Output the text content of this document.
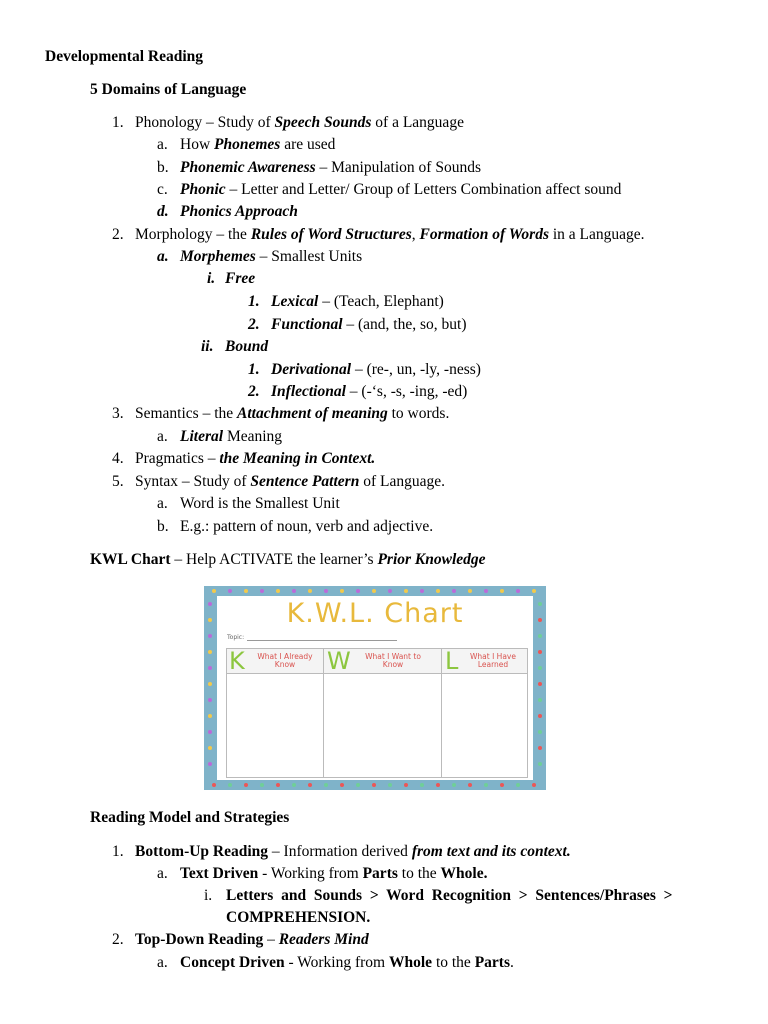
Developmental Reading
5 Domains of Language
1. Phonology – Study of Speech Sounds of a Language
a. How Phonemes are used
b. Phonemic Awareness – Manipulation of Sounds
c. Phonic – Letter and Letter/ Group of Letters Combination affect sound
d. Phonics Approach
2. Morphology – the Rules of Word Structures, Formation of Words in a Language.
a. Morphemes – Smallest Units
i. Free
1. Lexical – (Teach, Elephant)
2. Functional – (and, the, so, but)
ii. Bound
1. Derivational – (re-, un, -ly, -ness)
2. Inflectional – (-‘s, -s, -ing, -ed)
3. Semantics – the Attachment of meaning to words.
a. Literal Meaning
4. Pragmatics – the Meaning in Context.
5. Syntax – Study of Sentence Pattern of Language.
a. Word is the Smallest Unit
b. E.g.: pattern of noun, verb and adjective.
KWL Chart – Help ACTIVATE the learner’s Prior Knowledge
K.W.L. Chart
Topic:
K	What I Already Know	W What I Want to Know	L	What I Have Learned
Reading Model and Strategies
1. Bottom-Up Reading – Information derived from text and its context.
a. Text Driven - Working from Parts to the Whole.
i. Letters  and  Sounds  >  Word  Recognition  >  Sentences/Phrases  >
COMPREHENSION.
2. Top-Down Reading – Readers Mind
a. Concept Driven - Working from Whole to the Parts.
